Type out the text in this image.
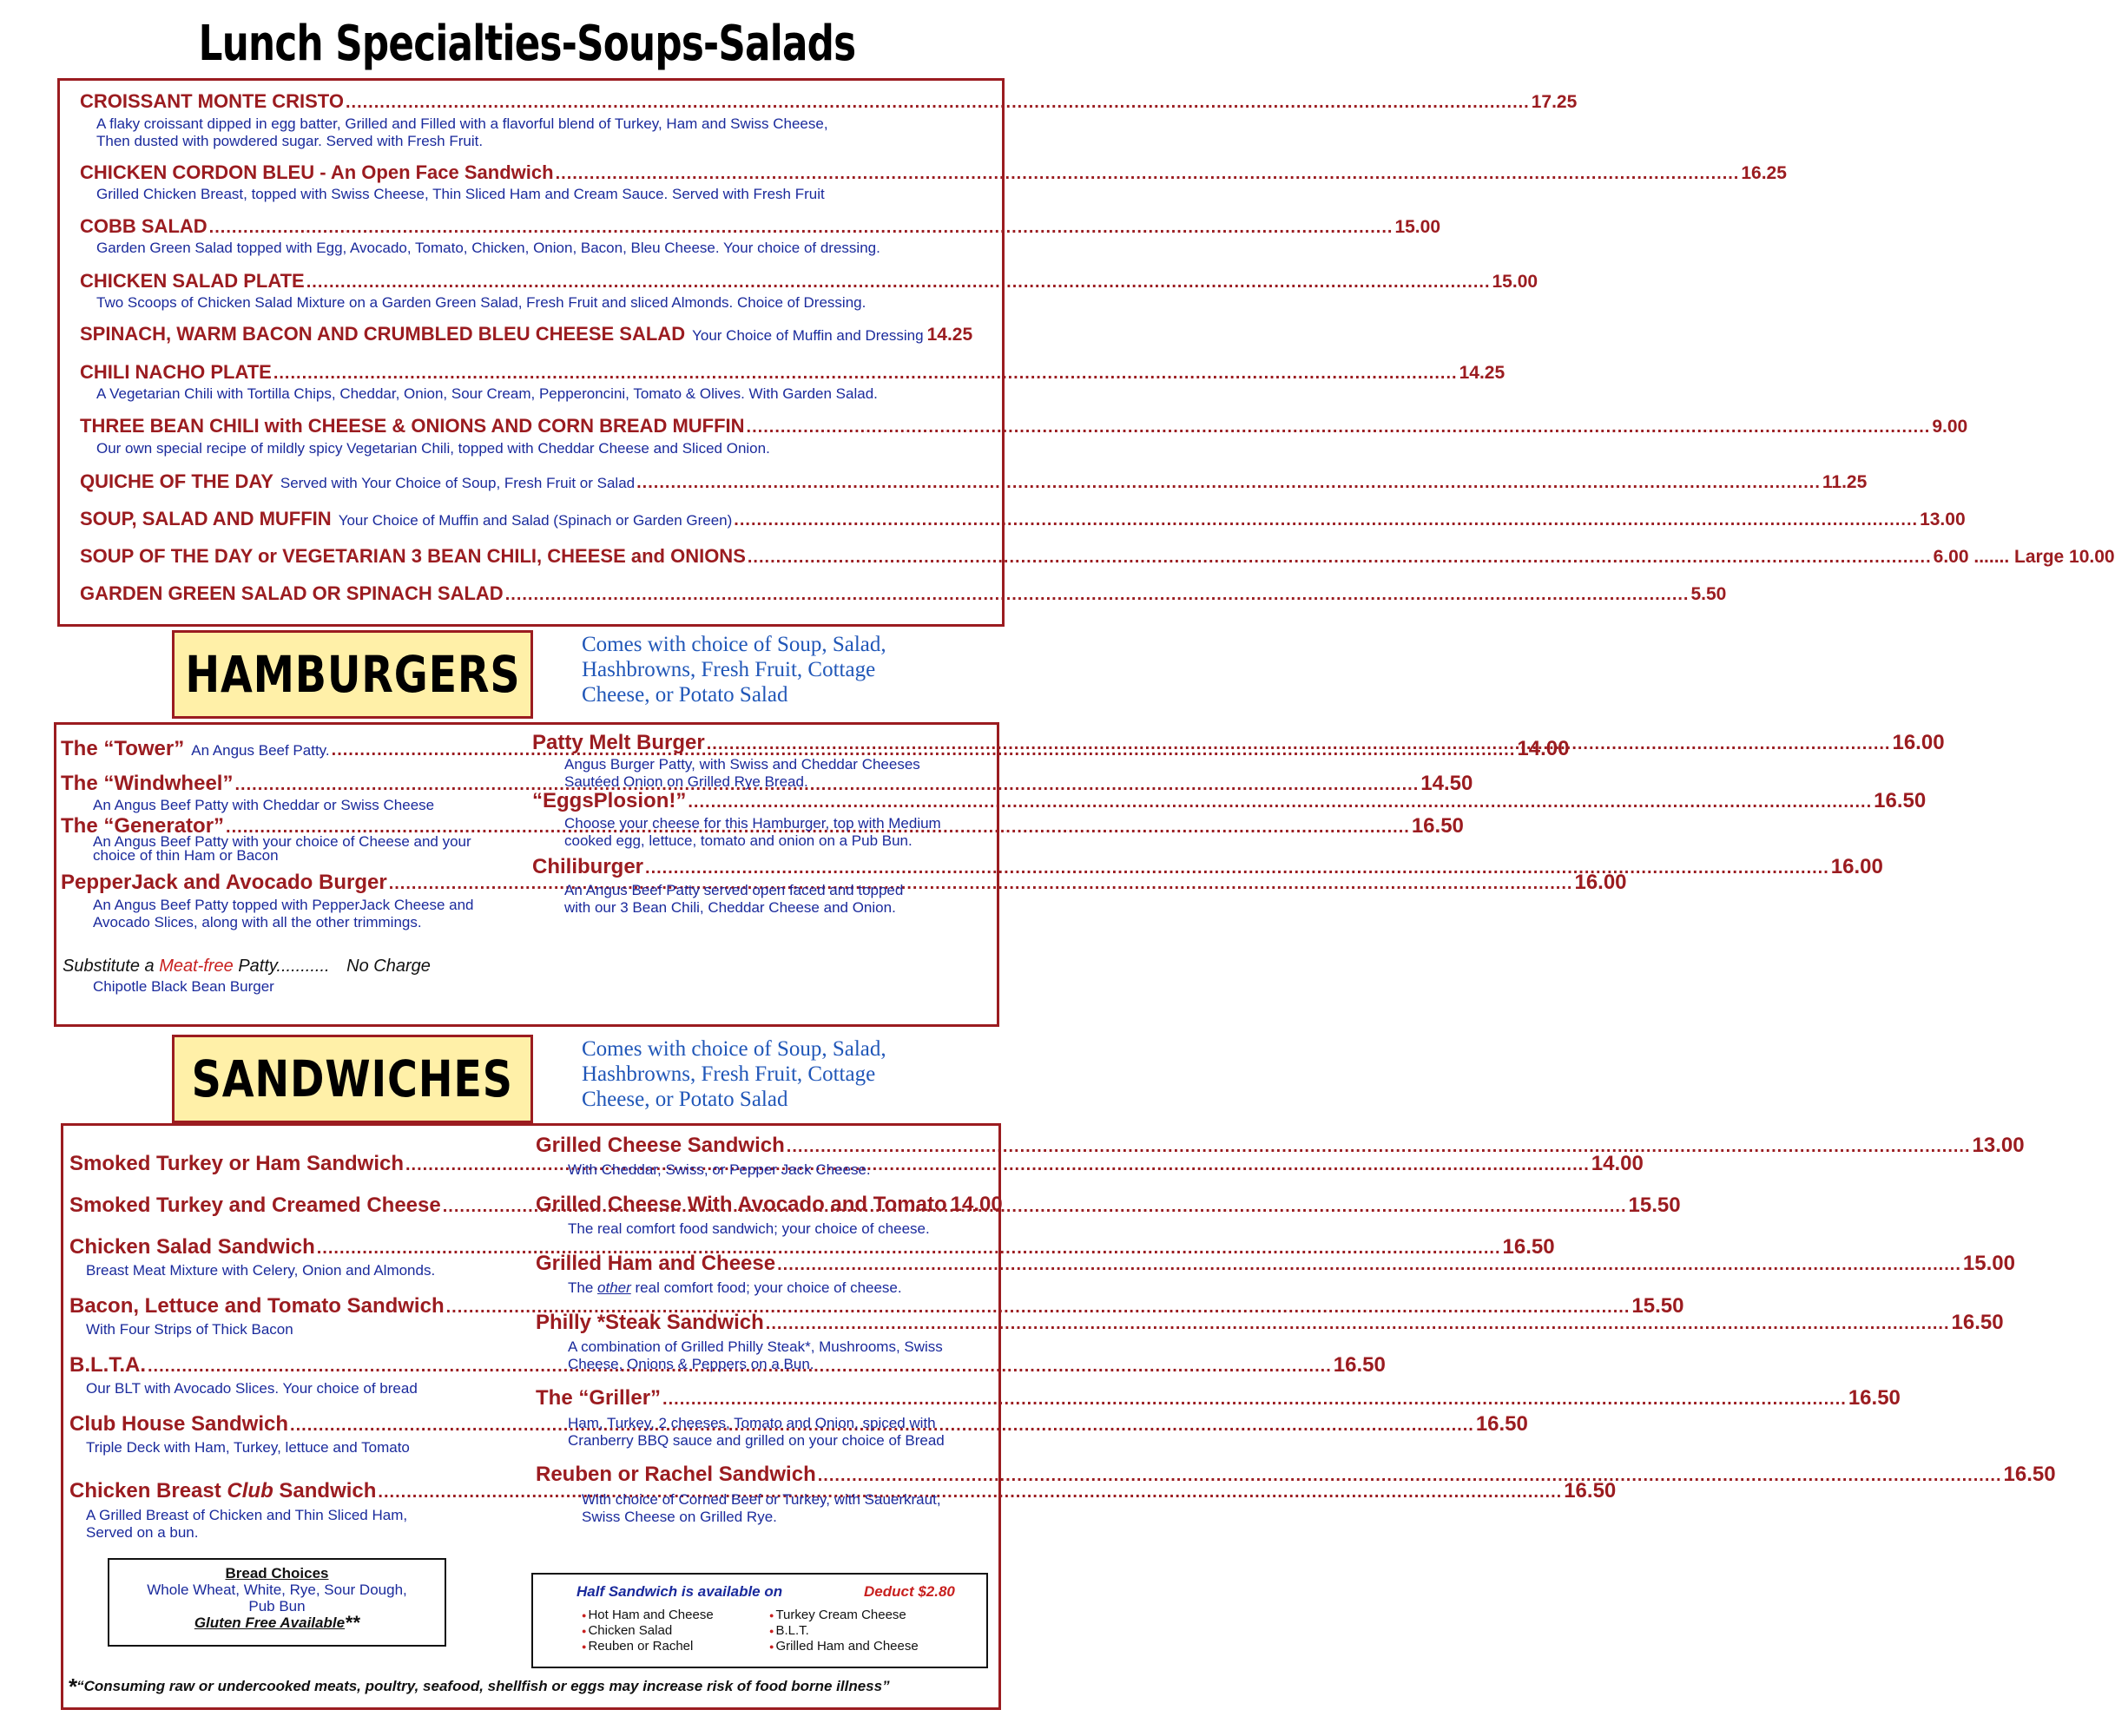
Lunch Specialties-Soups-Salads
CROISSANT MONTE CRISTO .....	17.25
A flaky croissant dipped in egg batter, Grilled and Filled with a flavorful blend of Turkey, Ham and Swiss Cheese,
Then dusted with powdered sugar. Served with Fresh Fruit.
CHICKEN CORDON BLEU - An Open Face Sandwich .....	16.25
Grilled Chicken Breast, topped with Swiss Cheese, Thin Sliced Ham and Cream Sauce. Served with Fresh Fruit
COBB SALAD .....	15.00
Garden Green Salad topped with Egg, Avocado, Tomato, Chicken, Onion, Bacon, Bleu Cheese. Your choice of dressing.
CHICKEN SALAD PLATE .....	15.00
Two Scoops of Chicken Salad Mixture on a Garden Green Salad, Fresh Fruit and sliced Almonds. Choice of Dressing.
SPINACH, WARM BACON AND CRUMBLED BLEU CHEESE SALAD Your Choice of Muffin and Dressing 14.25
CHILI NACHO PLATE .....	14.25
A Vegetarian Chili with Tortilla Chips, Cheddar, Onion, Sour Cream, Pepperoncini, Tomato & Olives. With Garden Salad.
THREE BEAN CHILI with CHEESE & ONIONS AND CORN BREAD MUFFIN .....	9.00
Our own special recipe of mildly spicy Vegetarian Chili, topped with Cheddar Cheese and Sliced Onion.
QUICHE OF THE DAY Served with Your Choice of Soup, Fresh Fruit or Salad .....	11.25
SOUP, SALAD AND MUFFIN Your Choice of Muffin and Salad (Spinach or Garden Green) .....	13.00
SOUP OF THE DAY or VEGETARIAN 3 BEAN CHILI, CHEESE and ONIONS .....	6.00 ....... Large 10.00
GARDEN GREEN SALAD OR SPINACH SALAD .....	5.50
HAMBURGERS
Comes with choice of Soup, Salad,
Hashbrowns, Fresh Fruit, Cottage
Cheese, or Potato Salad
The “Tower” An Angus Beef Patty. .....	14.00
The “Windwheel” .....	14.50
An Angus Beef Patty with Cheddar or Swiss Cheese
The “Generator” .....	16.50
An Angus Beef Patty with your choice of Cheese and your
choice of thin Ham or Bacon
PepperJack and Avocado Burger .....	16.00
An Angus Beef Patty topped with PepperJack Cheese and
Avocado Slices, along with all the other trimmings.
Substitute a Meat-free Patty........... No Charge
Chipotle Black Bean Burger
Patty Melt Burger .....	16.00
Angus Burger Patty, with Swiss and Cheddar Cheeses
Sautéed Onion on Grilled Rye Bread.
“EggsPlosion!” .....	16.50
Choose your cheese for this Hamburger, top with Medium
cooked egg, lettuce, tomato and onion on a Pub Bun.
Chiliburger .....	16.00
An Angus Beef Patty served open faced and topped
with our 3 Bean Chili, Cheddar Cheese and Onion.
SANDWICHES
Comes with choice of Soup, Salad,
Hashbrowns, Fresh Fruit, Cottage
Cheese, or Potato Salad
Smoked Turkey or Ham Sandwich .....	14.00
Smoked Turkey and Creamed Cheese .....	15.50
Chicken Salad Sandwich .....	16.50
Breast Meat Mixture with Celery, Onion and Almonds.
Bacon, Lettuce and Tomato Sandwich .....	15.50
With Four Strips of Thick Bacon
B.L.T.A. .....	16.50
Our BLT with Avocado Slices. Your choice of bread
Club House Sandwich .....	16.50
Triple Deck with Ham, Turkey, lettuce and Tomato
Chicken Breast Club Sandwich .....	16.50
A Grilled Breast of Chicken and Thin Sliced Ham,
Served on a bun.
Grilled Cheese Sandwich .....	13.00
With Cheddar, Swiss, or Pepper Jack Cheese.
Grilled Cheese With Avocado and Tomato 14.00
The real comfort food sandwich; your choice of cheese.
Grilled Ham and Cheese .....	15.00
The other real comfort food; your choice of cheese.
Philly *Steak Sandwich .....	16.50
A combination of Grilled Philly Steak*, Mushrooms, Swiss
Cheese, Onions & Peppers on a Bun.
The “Griller” .....	16.50
Ham, Turkey, 2 cheeses, Tomato and Onion, spiced with
Cranberry BBQ sauce and grilled on your choice of Bread
Reuben or Rachel Sandwich .....	16.50
With choice of Corned Beef or Turkey, with Sauerkraut,
Swiss Cheese on Grilled Rye.
Bread Choices
Whole Wheat, White, Rye, Sour Dough,
Pub Bun
Gluten Free Available**
Half Sandwich is available on	Deduct $2.80
● Hot Ham and Cheese
● Chicken Salad
● Reuben or Rachel
● Turkey Cream Cheese
● B.L.T.
● Grilled Ham and Cheese
*“Consuming raw or undercooked meats, poultry, seafood, shellfish or eggs may increase risk of food borne illness”
